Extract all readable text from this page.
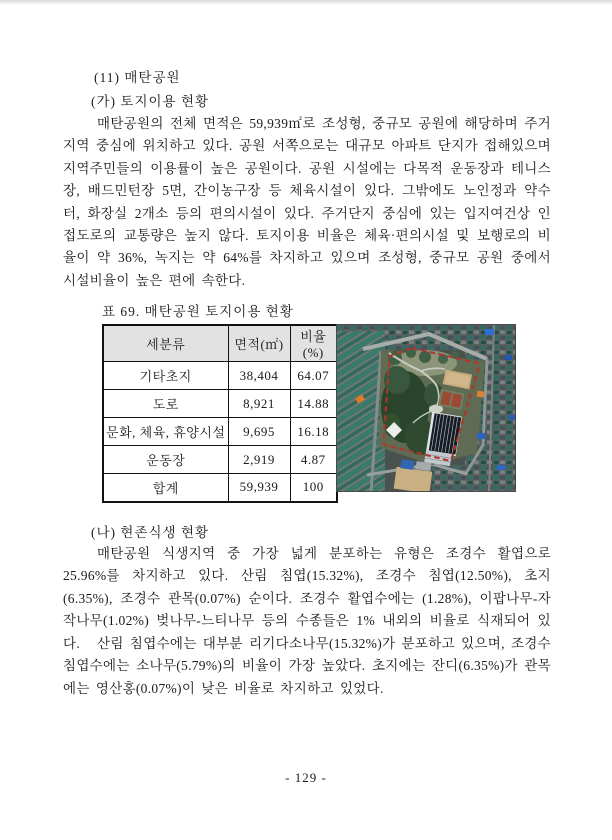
(11) 매탄공원
(가) 토지이용 현황

매탄공원의 전체 면적은 59,939㎡로 조성형, 중규모 공원에 해당하며 주거지역 중심에 위치하고 있다. 공원 서쪽으로는 대규모 아파트 단지가 접해있으며 지역주민들의 이용률이 높은 공원이다. 공원 시설에는 다목적 운동장과 테니스장, 배드민턴장 5면, 간이농구장 등 체육시설이 있다. 그밖에도 노인정과 약수터, 화장실 2개소 등의 편의시설이 있다. 주거단지 중심에 있는 입지여건상 인접도로의 교통량은 높지 않다. 토지이용 비율은 체육·편의시설 및 보행로의 비율이 약 36%, 녹지는 약 64%를 차지하고 있으며 조성형, 중규모 공원 중에서 시설비율이 높은 편에 속한다.

표 69. 매탄공원 토지이용 현황
세분류	면적(㎡)	비율(%)
기타초지	38,404	64.07
도로	8,921	14.88
문화, 체육, 휴양시설	9,695	16.18
운동장	2,919	4.87
합계	59,939	100
(나) 현존식생 현황

매탄공원 식생지역 중 가장 넓게 분포하는 유형은 조경수 활엽으로 25.96%를 차지하고 있다. 산림 침엽(15.32%), 조경수 침엽(12.50%), 초지(6.35%), 조경수 관목(0.07%) 순이다. 조경수 활엽수에는 (1.28%), 이팝나무-자작나무(1.02%) 벚나무-느티나무 등의 수종들은 1% 내외의 비율로 식재되어 있다.	산림 침엽수에는 대부분 리기다소나무(15.32%)가 분포하고 있으며, 조경수 침엽수에는 소나무(5.79%)의 비율이 가장 높았다. 초지에는 잔디(6.35%)가 관목에는 영산홍(0.07%)이 낮은 비율로 차지하고 있었다.

- 129 -
